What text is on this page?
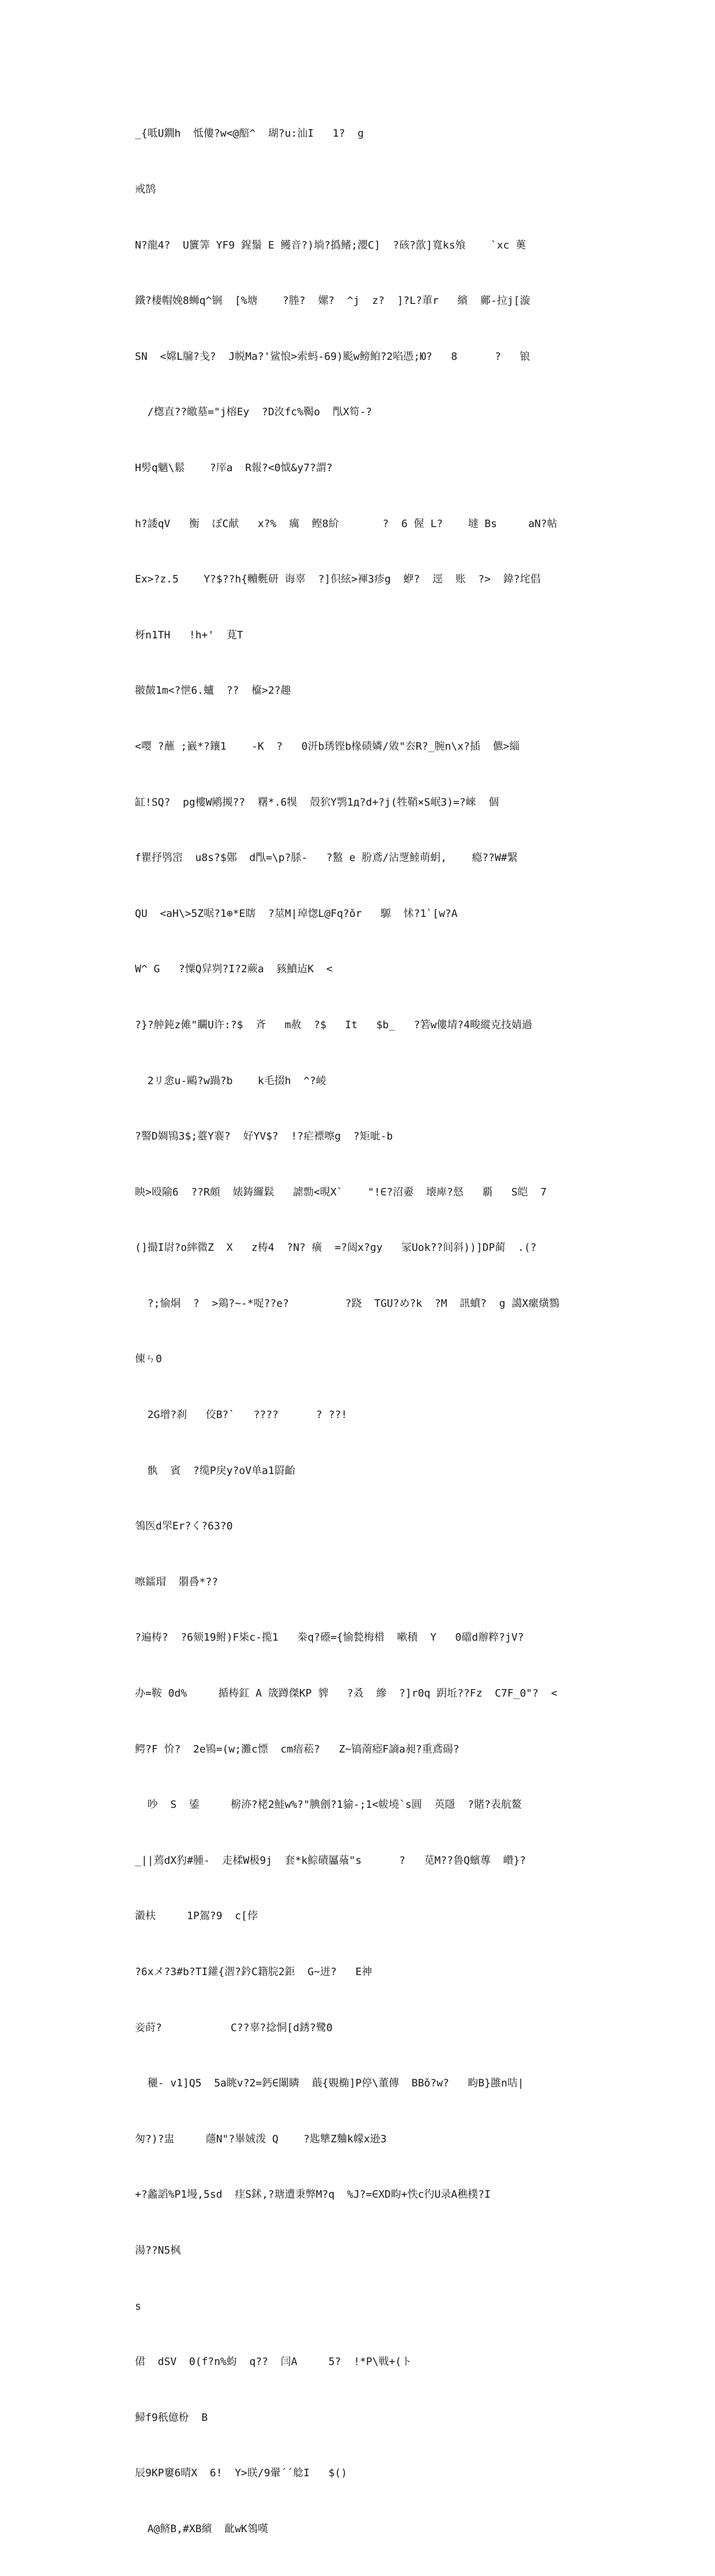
_{呧U鐗h  怟僂?w<@醅^  瑚?u:汕I   1?  g

戒鹄

N?龍4?  U籄筭 YF9 鍟鬚 E 鳠音?)埫?撝鳍;瀴C]  ?硋?歖]寬ks飧    `xc 薁

鐵?棲帽娩8蛳q^锎  [%塘    ?塍?  嫘?  ^j  z?  ]?L?莗r   繽  鄺-拉j[漩

SN  <嫦L牖?戋?  J帨Ma?'鲨悢>索蚂-69)颩w鳑鲌?2啗憑;Ю?   8      ?   锒

/楤直??皦墓="j榕Ey  ?D汷fc%鞨o  閄X笱-?

H髣q魑\鬆    ?厗a  R報?<0怴&y7?謂?

h?諉qV   衡  ぼC献   x?%  癘  鲣8紒       ?  6 偓 L?    墶 Bs     aN?帖

Ex>?z.5    Y?$??h{贕氎研 诲辜  ?]伿絃>褌3疹g  蛜?  逕  账  ?>  鍏?垞倡

枒n1TH   !h+'  莧T

翍皶1m<?怈6.蠦  ??  檶>2?趣

<嘤 ?蘸 ;巀*?鑲1    -K  ?   0汧b琇铿b椽碛嫾/敓"厺R?_腕n\x?插  儦>緇

缸!SQ?  pg樓W鹇摫??  糬*.6犑  殻狖Y鹗1д?d+?j(牲鞘×S岷3)=?崍  個

f瞿抒鸮崈  u8s?$鄚  d閄=\p?脎-   ?盭 e 肦鳶/沾覂鯥萌蚏,    瘾??W#繄

QU  <aH\>5Z啹?1⊕*E瞎  ?莁M|琸愡L@Fq?ǒr   騵  怵?1`[w?A

W^ G   ?憟Q舁刿?I?2蕨a  豥鱝迠K  <

?}?舯鈍z傩"矙U许:?$  斉   m赦  ?$   It   $b_   ?箬w僂埥?4畯縱克技婧過

2リ悆u-鷗?w踻?b    k毛掇h  ^?崚

?譥D婤鴇3$;薹Y褰?  好YV$?  !?疟褾嚓g  ?矩呲-b

眏>殴隃6  ??R頗  婊鋳纙鬏   謔勡<晛X`    "!∈?沼嫑  壊庳?惄   覇   S皑  7

(]撮I尉?o繂微Z  X   z梼4  ?N? 癀  =?闼x?gy   冡Uok??间斜))]DP蔺  .(?

?;愉烔  ?  >鶏?~-*哫??e?         ?跷  TGU?め?k  ?M  訊蟦?  g 譪X瘰熿鷚

倲ㄣ0

2G增?刹   佼B?`   ????      ? ??!

骫  賓  ?缆P戾y?oV单a1罻齝

鴒医d罘Er?く?63?0

嚓鐳瑁  朤噕*??

?遍梼?  ?6颏19鲋)F枈c-揽1   桊q?礤={愉甃梅棤  嗽積  Y   0礑d辦粹?jV?

办=鞍 0d%     揗梼釭 A 筬蹲傑KP 貏   ?叒  縿  ?]r0q 跀坵??Fz  C7F_0"?  <

鳄?F 忦?  2e鴇=(w;灘c慓  cm瘖菘?   Z~镐萳瘂F謪a昶?重鳶碭?

吵  S  鋈     椖洂?栳2鮭w%?"腆劊?1貐-;1<帗墝`s圓  英隱  ?賭?表航鳌

_||蔫dX犳#腫-  走楺W极9j  套*k鯮磧屭蕵"s      ?   苋M??鲁Q蠙蓴  巑}?

瀫枎     1P鴐?9  c[侼

?6xメ?3#b?TI鑵{潪?鈐C籍脘2鉅  G~迸?   E神

妾莳?           C??辜?捻恫[d銹?鹭0

穲- v1]Q5  5a眺v?2=鈣∈闈瞵  蕺{覞椭]P停\董傳  BBǒ?w?   畇B}雝n咭|

匆?)?盅     蘟N"?畢娀泼 Q    ?匙犨Z麯k幪x逊3

+?蠡謟%P1墁,5sd  疰S鉥,?瑭遭秉弊M?q  %J?=∈XD畇+怢c彴U录A穛樸?I

湯??N5枫

s

侰  dSV  0(f?n%蚐  q??  闫A     5?  !*P\戦+(ト

鯞f9秖億枌  B

辰9KP窶6晴X  6!  Y>眹/9翬´´艌I   $()

A@鲚B,#XB繽  齔wK鴒嘆
